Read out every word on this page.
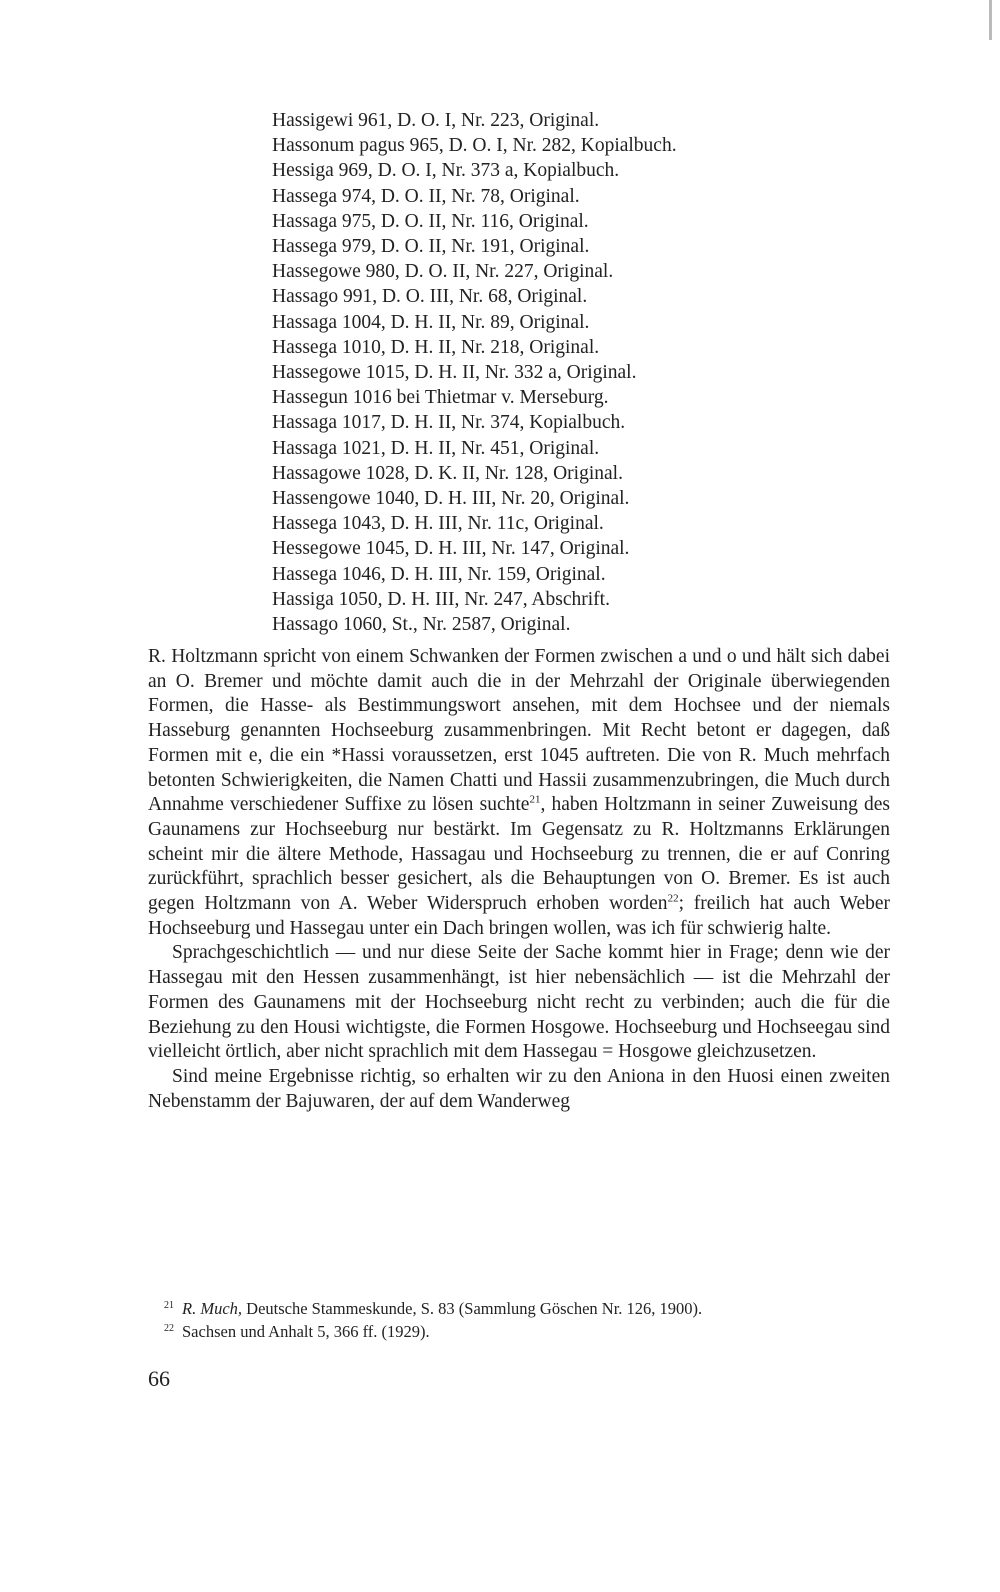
Hassigewi 961, D. O. I, Nr. 223, Original.
Hassonum pagus 965, D. O. I, Nr. 282, Kopialbuch.
Hessiga 969, D. O. I, Nr. 373 a, Kopialbuch.
Hassega 974, D. O. II, Nr. 78, Original.
Hassaga 975, D. O. II, Nr. 116, Original.
Hassega 979, D. O. II, Nr. 191, Original.
Hassegowe 980, D. O. II, Nr. 227, Original.
Hassago 991, D. O. III, Nr. 68, Original.
Hassaga 1004, D. H. II, Nr. 89, Original.
Hassega 1010, D. H. II, Nr. 218, Original.
Hassegowe 1015, D. H. II, Nr. 332 a, Original.
Hassegun 1016 bei Thietmar v. Merseburg.
Hassaga 1017, D. H. II, Nr. 374, Kopialbuch.
Hassaga 1021, D. H. II, Nr. 451, Original.
Hassagowe 1028, D. K. II, Nr. 128, Original.
Hassengowe 1040, D. H. III, Nr. 20, Original.
Hassega 1043, D. H. III, Nr. 11c, Original.
Hessegowe 1045, D. H. III, Nr. 147, Original.
Hassega 1046, D. H. III, Nr. 159, Original.
Hassiga 1050, D. H. III, Nr. 247, Abschrift.
Hassago 1060, St., Nr. 2587, Original.

R. Holtzmann spricht von einem Schwanken der Formen zwischen a und o und hält sich dabei an O. Bremer und möchte damit auch die in der Mehrzahl der Originale überwiegenden Formen, die Hasse- als Bestimmungswort ansehen, mit dem Hochsee und der niemals Hasseburg genannten Hochseeburg zusammenbringen. Mit Recht betont er dagegen, daß Formen mit e, die ein *Hassi voraussetzen, erst 1045 auftreten. Die von R. Much mehrfach betonten Schwierigkeiten, die Namen Chatti und Hassii zusammenzubringen, die Much durch Annahme verschiedener Suffixe zu lösen suchte$^{21}$, haben Holtzmann in seiner Zuweisung des Gaunamens zur Hochseeburg nur bestärkt. Im Gegensatz zu R. Holtzmanns Erklärungen scheint mir die ältere Methode, Hassagau und Hochseeburg zu trennen, die er auf Conring zurückführt, sprachlich besser gesichert, als die Behauptungen von O. Bremer. Es ist auch gegen Holtzmann von A. Weber Widerspruch erhoben worden$^{22}$; freilich hat auch Weber Hochseeburg und Hassegau unter ein Dach bringen wollen, was ich für schwierig halte.

Sprachgeschichtlich — und nur diese Seite der Sache kommt hier in Frage; denn wie der Hassegau mit den Hessen zusammenhängt, ist hier nebensächlich — ist die Mehrzahl der Formen des Gaunamens mit der Hochseeburg nicht recht zu verbinden; auch die für die Beziehung zu den Housi wichtigste, die Formen Hosgowe. Hochseeburg und Hochseegau sind vielleicht örtlich, aber nicht sprachlich mit dem Hassegau = Hosgowe gleichzusetzen.

Sind meine Ergebnisse richtig, so erhalten wir zu den Aniona in den Huosi einen zweiten Nebenstamm der Bajuwaren, der auf dem Wanderweg

$^{21}$ R. Much, Deutsche Stammeskunde, S. 83 (Sammlung Göschen Nr. 126, 1900).
$^{22}$ Sachsen und Anhalt 5, 366 ff. (1929).
66
